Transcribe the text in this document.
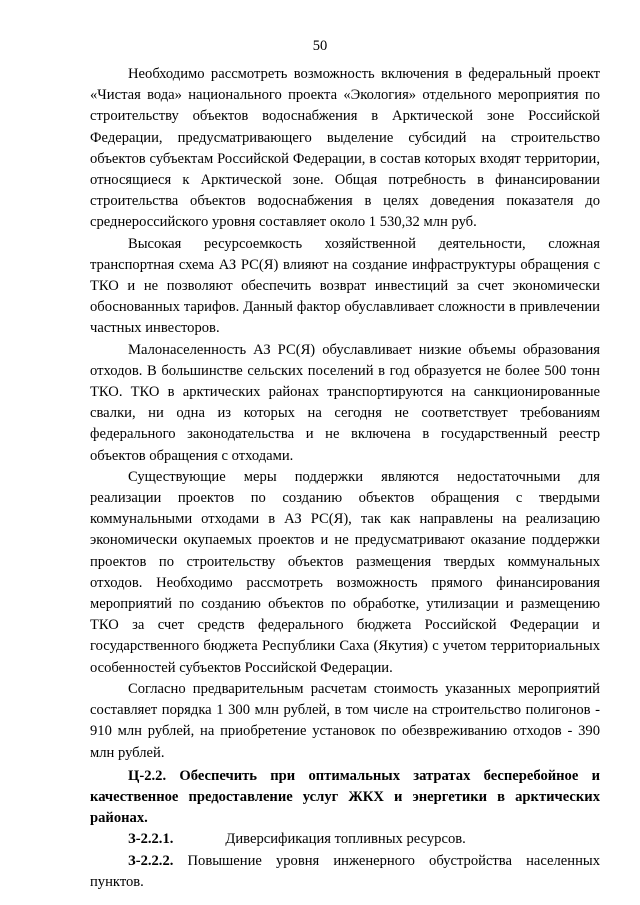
50

Необходимо рассмотреть возможность включения в федеральный проект «Чистая вода» национального проекта «Экология» отдельного мероприятия по строительству объектов водоснабжения в Арктической зоне Российской Федерации, предусматривающего выделение субсидий на строительство объектов субъектам Российской Федерации, в состав которых входят территории, относящиеся к Арктической зоне. Общая потребность в финансировании строительства объектов водоснабжения в целях доведения показателя до среднероссийского уровня составляет около 1 530,32 млн руб.

Высокая ресурсоемкость хозяйственной деятельности, сложная транспортная схема АЗ РС(Я) влияют на создание инфраструктуры обращения с ТКО и не позволяют обеспечить возврат инвестиций за счет экономически обоснованных тарифов. Данный фактор обуславливает сложности в привлечении частных инвесторов.

Малонаселенность АЗ РС(Я) обуславливает низкие объемы образования отходов. В большинстве сельских поселений в год образуется не более 500 тонн ТКО. ТКО в арктических районах транспортируются на санкционированные свалки, ни одна из которых на сегодня не соответствует требованиям федерального законодательства и не включена в государственный реестр объектов обращения с отходами.

Существующие меры поддержки являются недостаточными для реализации проектов по созданию объектов обращения с твердыми коммунальными отходами в АЗ РС(Я), так как направлены на реализацию экономически окупаемых проектов и не предусматривают оказание поддержки проектов по строительству объектов размещения твердых коммунальных отходов. Необходимо рассмотреть возможность прямого финансирования мероприятий по созданию объектов по обработке, утилизации и размещению ТКО за счет средств федерального бюджета Российской Федерации и государственного бюджета Республики Саха (Якутия) с учетом территориальных особенностей субъектов Российской Федерации.

Согласно предварительным расчетам стоимость указанных мероприятий составляет порядка 1 300 млн рублей, в том числе на строительство полигонов - 910 млн рублей, на приобретение установок по обезвреживанию отходов - 390 млн рублей.

Ц-2.2. Обеспечить при оптимальных затратах бесперебойное и качественное предоставление услуг ЖКХ и энергетики в арктических районах.

З-2.2.1.	Диверсификация топливных ресурсов.

З-2.2.2. Повышение уровня инженерного обустройства населенных пунктов.
